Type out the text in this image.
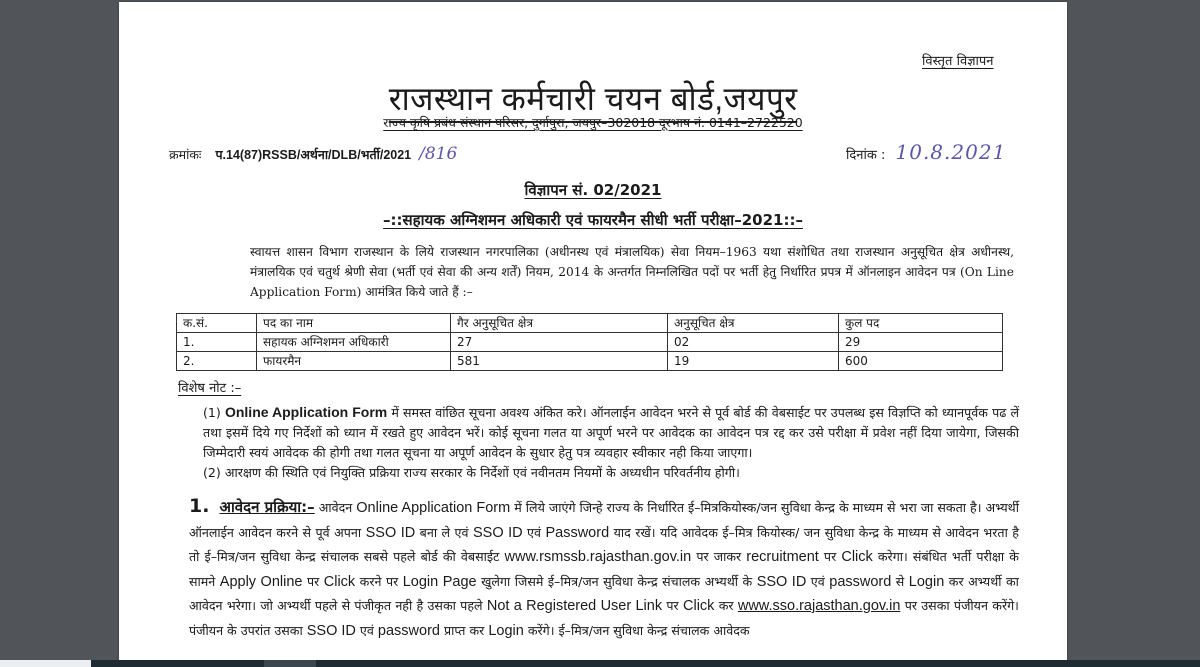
विस्तृत विज्ञापन
राजस्थान कर्मचारी चयन बोर्ड,जयपुर
राज्य कृषि प्रबंध संस्थान परिसर, दुर्गापुरा, जयपुर–302018 दूरभाष नं. 0141–2722520
क्रमांकः प.14(87)RSSB/अर्थना/DLB/भर्ती/2021 /816	दिनांक : 10.8.2021
विज्ञापन सं. 02/2021
–::सहायक अग्निशमन अधिकारी एवं फायरमैन सीधी भर्ती परीक्षा–2021::–
स्वायत्त शासन विभाग राजस्थान के लिये राजस्थान नगरपालिका (अधीनस्थ एवं मंत्रालयिक) सेवा नियम–1963 यथा संशोधित तथा राजस्थान अनुसूचित क्षेत्र अधीनस्थ, मंत्रालयिक एवं चतुर्थ श्रेणी सेवा (भर्ती एवं सेवा की अन्य शर्तें) नियम, 2014 के अन्तर्गत निम्नलिखित पदों पर भर्ती हेतु निर्धारित प्रपत्र में ऑनलाइन आवेदन पत्र (On Line Application Form) आमंत्रित किये जाते हैं :–
क.सं.	पद का नाम	गैर अनुसूचित क्षेत्र	अनुसूचित क्षेत्र	कुल पद
1.	सहायक अग्निशमन अधिकारी	27	02	29
2.	फायरमैन	581	19	600
विशेष नोट :–

(1) Online Application Form में समस्त वांछित सूचना अवश्य अंकित करे। ऑनलाईन आवेदन भरने से पूर्व बोर्ड की वेबसाईट पर उपलब्ध इस विज्ञप्ति को ध्यानपूर्वक पढ लें तथा इसमें दिये गए निर्देशों को ध्यान में रखते हुए आवेदन भरें। कोई सूचना गलत या अपूर्ण भरने पर आवेदक का आवेदन पत्र रद्द कर उसे परीक्षा में प्रवेश नहीं दिया जायेगा, जिसकी जिम्मेदारी स्वयं आवेदक की होगी तथा गलत सूचना या अपूर्ण आवेदन के सुधार हेतु पत्र व्यवहार स्वीकार नही किया जाएगा।

(2) आरक्षण की स्थिति एवं नियुक्ति प्रक्रिया राज्य सरकार के निर्देशों एवं नवीनतम नियमों के अध्यधीन परिवर्तनीय होगी।

1. आवेदन प्रक्रिया:– आवेदन Online Application Form में लिये जाएंगे जिन्हे राज्य के निर्धारित ई–मित्रकियोस्क/जन सुविधा केन्द्र के माध्यम से भरा जा सकता है। अभ्यर्थी ऑनलाईन आवेदन करने से पूर्व अपना SSO ID बना ले एवं SSO ID एवं Password याद रखें। यदि आवेदक ई–मित्र कियोस्क/ जन सुविधा केन्द्र के माध्यम से आवेदन भरता है तो ई–मित्र/जन सुविधा केन्द्र संचालक सबसे पहले बोर्ड की वेबसाईट www.rsmssb.rajasthan.gov.in पर जाकर recruitment पर Click करेगा। संबंधित भर्ती परीक्षा के सामने Apply Online पर Click करने पर Login Page खुलेगा जिसमे ई–मित्र/जन सुविधा केन्द्र संचालक अभ्यर्थी के SSO ID एवं password से Login कर अभ्यर्थी का आवेदन भरेगा। जो अभ्यर्थी पहले से पंजीकृत नही है उसका पहले Not a Registered User Link पर Click कर www.sso.rajasthan.gov.in पर उसका पंजीयन करेंगे। पंजीयन के उपरांत उसका SSO ID एवं password प्राप्त कर Login करेंगे। ई–मित्र/जन सुविधा केन्द्र संचालक आवेदक
